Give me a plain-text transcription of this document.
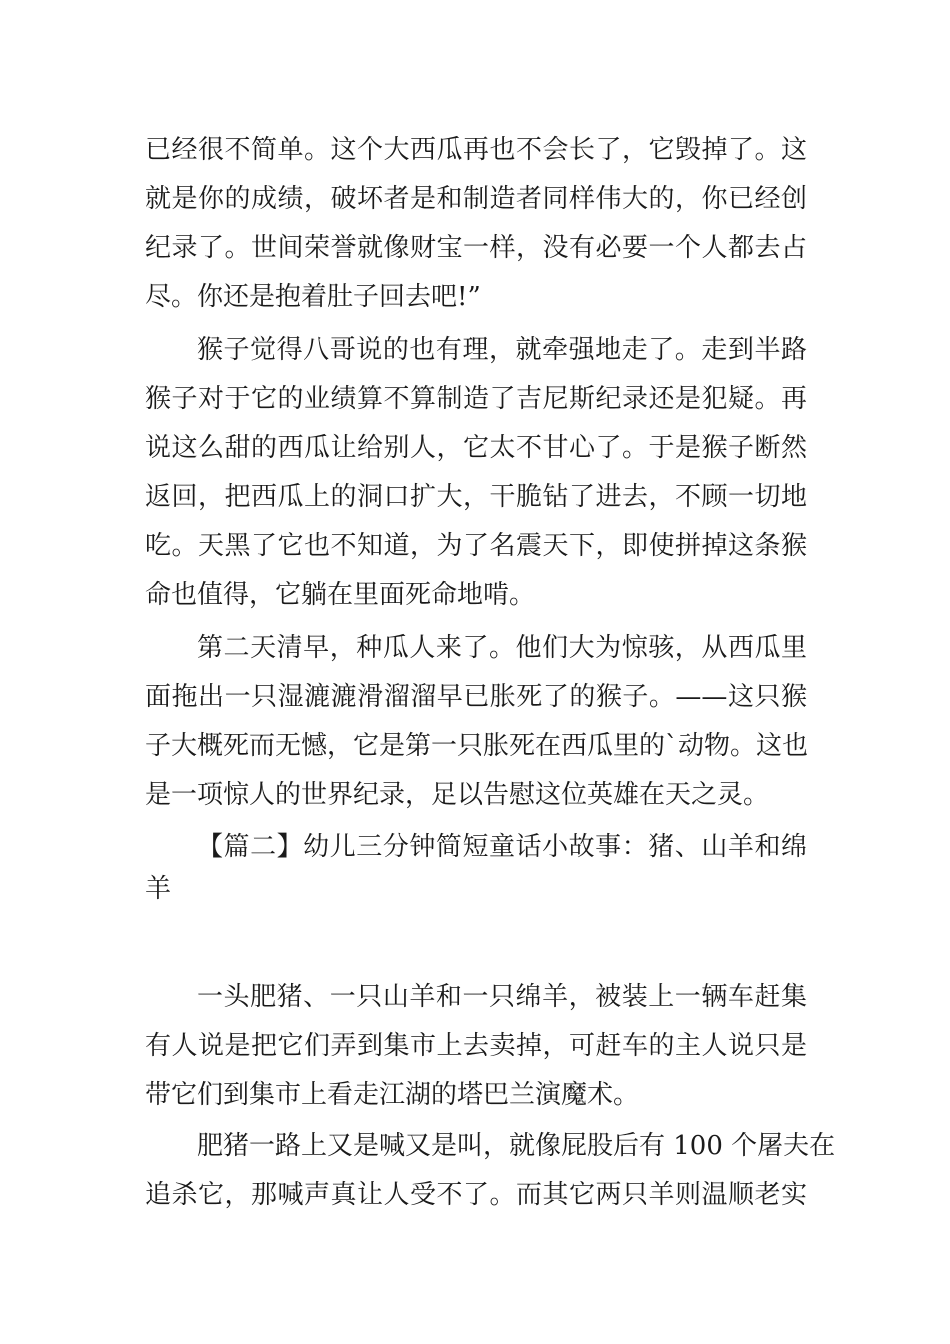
已经很不简单。这个大西瓜再也不会长了，它毁掉了。这
就是你的成绩，破坏者是和制造者同样伟大的，你已经创
纪录了。世间荣誉就像财宝一样，没有必要一个人都去占
尽。你还是抱着肚子回去吧!”
猴子觉得八哥说的也有理，就牵强地走了。走到半路
猴子对于它的业绩算不算制造了吉尼斯纪录还是犯疑。再
说这么甜的西瓜让给别人，它太不甘心了。于是猴子断然
返回，把西瓜上的洞口扩大，干脆钻了进去，不顾一切地
吃。天黑了它也不知道，为了名震天下，即使拼掉这条猴
命也值得，它躺在里面死命地啃。
第二天清早，种瓜人来了。他们大为惊骇，从西瓜里
面拖出一只湿漉漉滑溜溜早已胀死了的猴子。——这只猴
子大概死而无憾，它是第一只胀死在西瓜里的`动物。这也
是一项惊人的世界纪录，足以告慰这位英雄在天之灵。
【篇二】幼儿三分钟简短童话小故事：猪、山羊和绵
羊
一头肥猪、一只山羊和一只绵羊，被装上一辆车赶集
有人说是把它们弄到集市上去卖掉，可赶车的主人说只是
带它们到集市上看走江湖的塔巴兰演魔术。
肥猪一路上又是喊又是叫，就像屁股后有 100 个屠夫在
追杀它，那喊声真让人受不了。而其它两只羊则温顺老实
